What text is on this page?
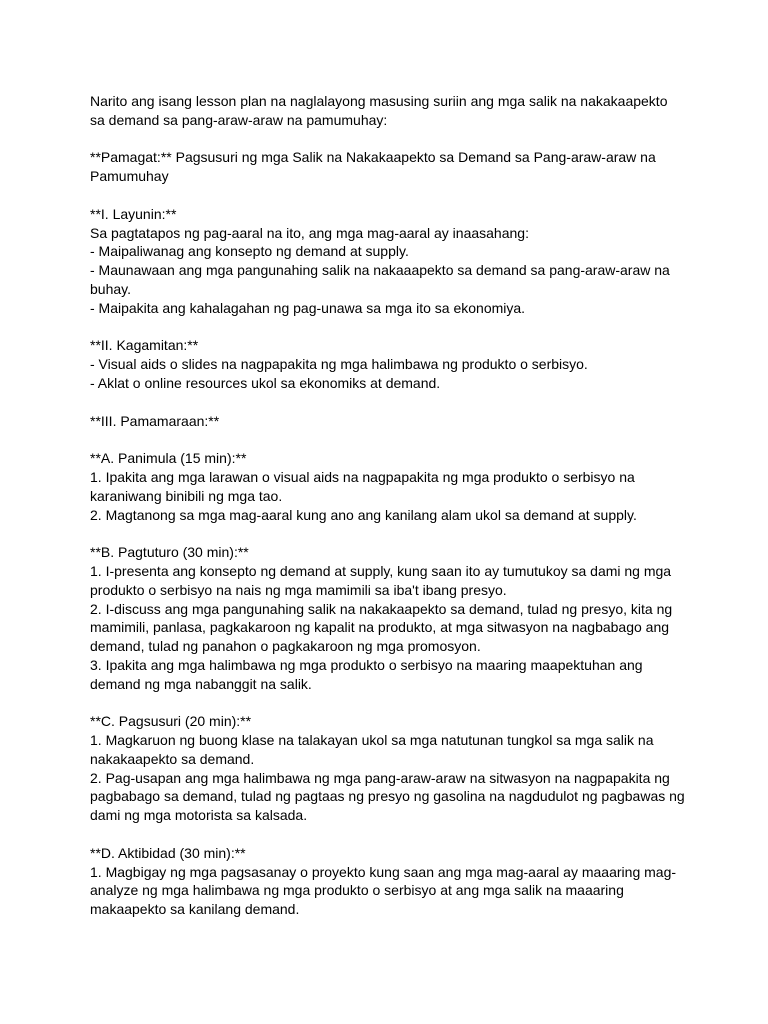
Narito ang isang lesson plan na naglalayong masusing suriin ang mga salik na nakakaapekto
sa demand sa pang-araw-araw na pamumuhay:
**Pamagat:** Pagsusuri ng mga Salik na Nakakaapekto sa Demand sa Pang-araw-araw na
Pamumuhay
**I. Layunin:**
Sa pagtatapos ng pag-aaral na ito, ang mga mag-aaral ay inaasahang:
- Maipaliwanag ang konsepto ng demand at supply.
- Maunawaan ang mga pangunahing salik na nakaaapekto sa demand sa pang-araw-araw na
buhay.
- Maipakita ang kahalagahan ng pag-unawa sa mga ito sa ekonomiya.
**II. Kagamitan:**
- Visual aids o slides na nagpapakita ng mga halimbawa ng produkto o serbisyo.
- Aklat o online resources ukol sa ekonomiks at demand.
**III. Pamamaraan:**
**A. Panimula (15 min):**
1. Ipakita ang mga larawan o visual aids na nagpapakita ng mga produkto o serbisyo na
karaniwang binibili ng mga tao.
2. Magtanong sa mga mag-aaral kung ano ang kanilang alam ukol sa demand at supply.
**B. Pagtuturo (30 min):**
1. I-presenta ang konsepto ng demand at supply, kung saan ito ay tumutukoy sa dami ng mga
produkto o serbisyo na nais ng mga mamimili sa iba't ibang presyo.
2. I-discuss ang mga pangunahing salik na nakakaapekto sa demand, tulad ng presyo, kita ng
mamimili, panlasa, pagkakaroon ng kapalit na produkto, at mga sitwasyon na nagbabago ang
demand, tulad ng panahon o pagkakaroon ng mga promosyon.
3. Ipakita ang mga halimbawa ng mga produkto o serbisyo na maaring maapektuhan ang
demand ng mga nabanggit na salik.
**C. Pagsusuri (20 min):**
1. Magkaruon ng buong klase na talakayan ukol sa mga natutunan tungkol sa mga salik na
nakakaapekto sa demand.
2. Pag-usapan ang mga halimbawa ng mga pang-araw-araw na sitwasyon na nagpapakita ng
pagbabago sa demand, tulad ng pagtaas ng presyo ng gasolina na nagdudulot ng pagbawas ng
dami ng mga motorista sa kalsada.
**D. Aktibidad (30 min):**
1. Magbigay ng mga pagsasanay o proyekto kung saan ang mga mag-aaral ay maaaring mag-
analyze ng mga halimbawa ng mga produkto o serbisyo at ang mga salik na maaaring
makaapekto sa kanilang demand.
